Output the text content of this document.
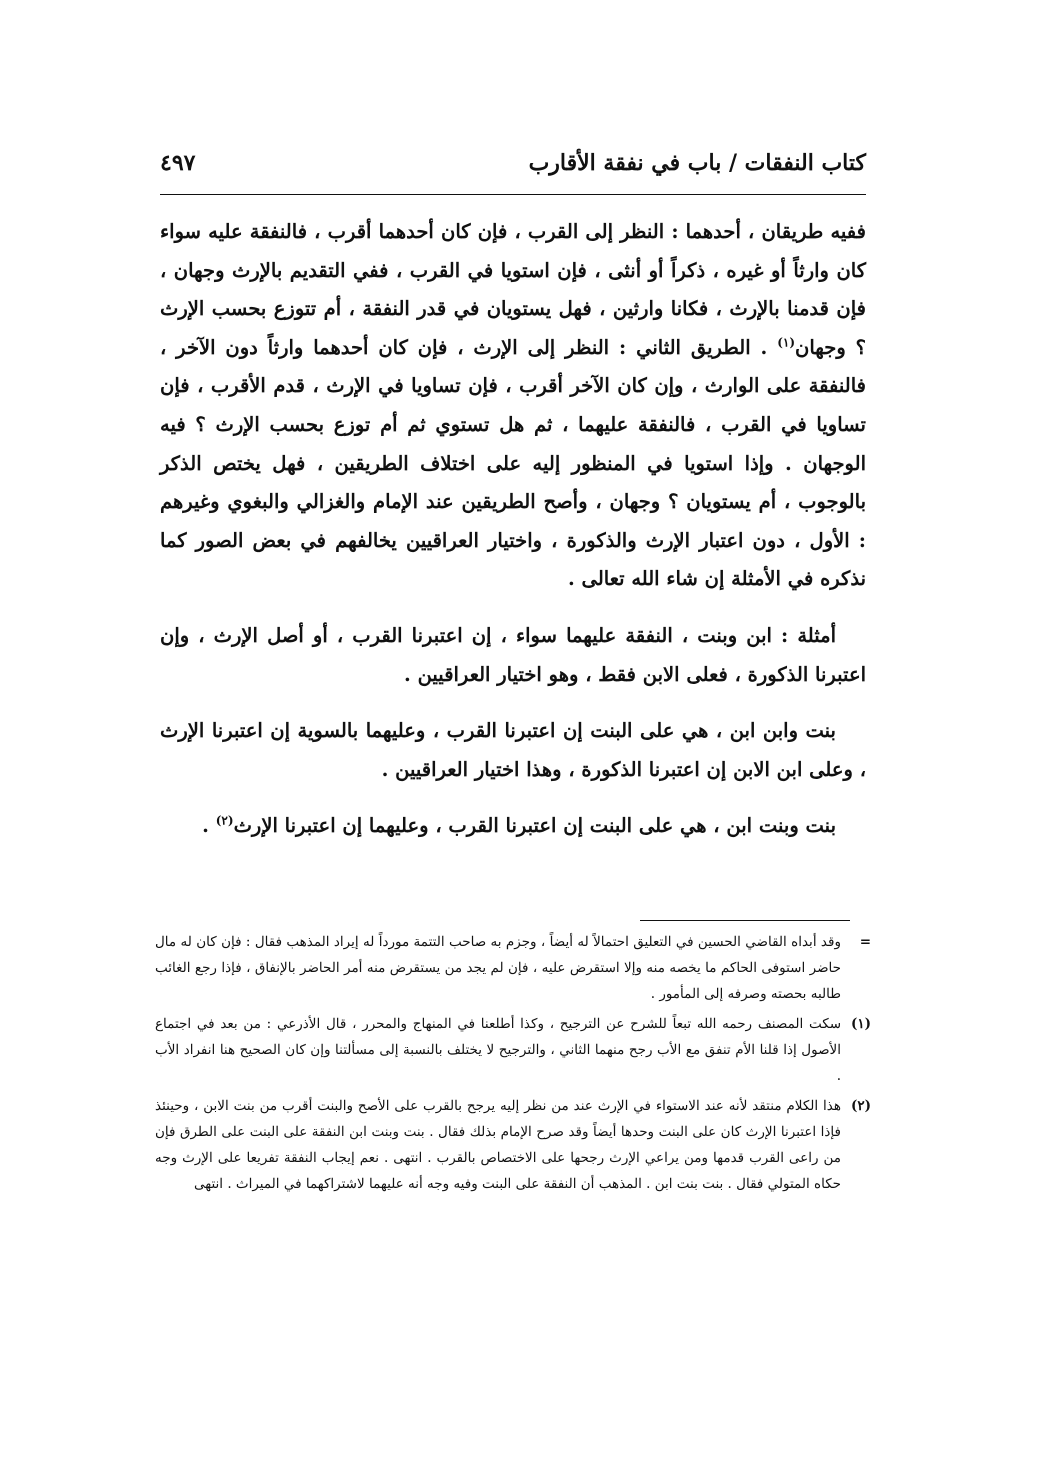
كتاب النفقات / باب في نفقة الأقارب
٤٩٧

ففيه طريقان ، أحدهما : النظر إلى القرب ، فإن كان أحدهما أقرب ، فالنفقة عليه سواء كان وارثاً أو غيره ، ذكراً أو أنثى ، فإن استويا في القرب ، ففي التقديم بالإرث وجهان ، فإن قدمنا بالإرث ، فكانا وارثين ، فهل يستويان في قدر النفقة ، أم تتوزع بحسب الإرث ؟ وجهان$^{(١)}$ . الطريق الثاني : النظر إلى الإرث ، فإن كان أحدهما وارثاً دون الآخر ، فالنفقة على الوارث ، وإن كان الآخر أقرب ، فإن تساويا في الإرث ، قدم الأقرب ، فإن تساويا في القرب ، فالنفقة عليهما ، ثم هل تستوي ثم أم توزع بحسب الإرث ؟ فيه الوجهان . وإذا استويا في المنظور إليه على اختلاف الطريقين ، فهل يختص الذكر بالوجوب ، أم يستويان ؟ وجهان ، وأصح الطريقين عند الإمام والغزالي والبغوي وغيرهم : الأول ، دون اعتبار الإرث والذكورة ، واختيار العراقيين يخالفهم في بعض الصور كما نذكره في الأمثلة إن شاء الله تعالى .

أمثلة : ابن وبنت ، النفقة عليهما سواء ، إن اعتبرنا القرب ، أو أصل الإرث ، وإن اعتبرنا الذكورة ، فعلى الابن فقط ، وهو اختيار العراقيين .

بنت وابن ابن ، هي على البنت إن اعتبرنا القرب ، وعليهما بالسوية إن اعتبرنا الإرث ، وعلى ابن الابن إن اعتبرنا الذكورة ، وهذا اختيار العراقيين .

بنت وبنت ابن ، هي على البنت إن اعتبرنا القرب ، وعليهما إن اعتبرنا الإرث$^{(٢)}$ .

=
وقد أبداه القاضي الحسين في التعليق احتمالاً له أيضاً ، وجزم به صاحب التتمة مورداً له إيراد المذهب فقال : فإن كان له مال حاضر استوفى الحاكم ما يخصه منه وإلا استقرض عليه ، فإن لم يجد من يستقرض منه أمر الحاضر بالإنفاق ، فإذا رجع الغائب طالبه بحصته وصرفه إلى المأمور .
(١)
سكت المصنف رحمه الله تبعاً للشرح عن الترجيح ، وكذا أطلعنا في المنهاج والمحرر ، قال الأذرعي : من بعد في اجتماع الأصول إذا قلنا الأم تنفق مع الأب رجح منهما الثاني ، والترجيح لا يختلف بالنسبة إلى مسألتنا وإن كان الصحيح هنا انفراد الأب .
(٢)
هذا الكلام منتقد لأنه عند الاستواء في الإرث عند من نظر إليه يرجح بالقرب على الأصح والبنت أقرب من بنت الابن ، وحينئذ فإذا اعتبرنا الإرث كان على البنت وحدها أيضاً وقد صرح الإمام بذلك فقال . بنت وبنت ابن النفقة على البنت على الطرق فإن من راعى القرب قدمها ومن يراعي الإرث رجحها على الاختصاص بالقرب . انتهى . نعم إيجاب النفقة تفريعا على الإرث وجه حكاه المتولي فقال . بنت بنت ابن . المذهب أن النفقة على البنت وفيه وجه أنه عليهما لاشتراكهما في الميراث . انتهى
